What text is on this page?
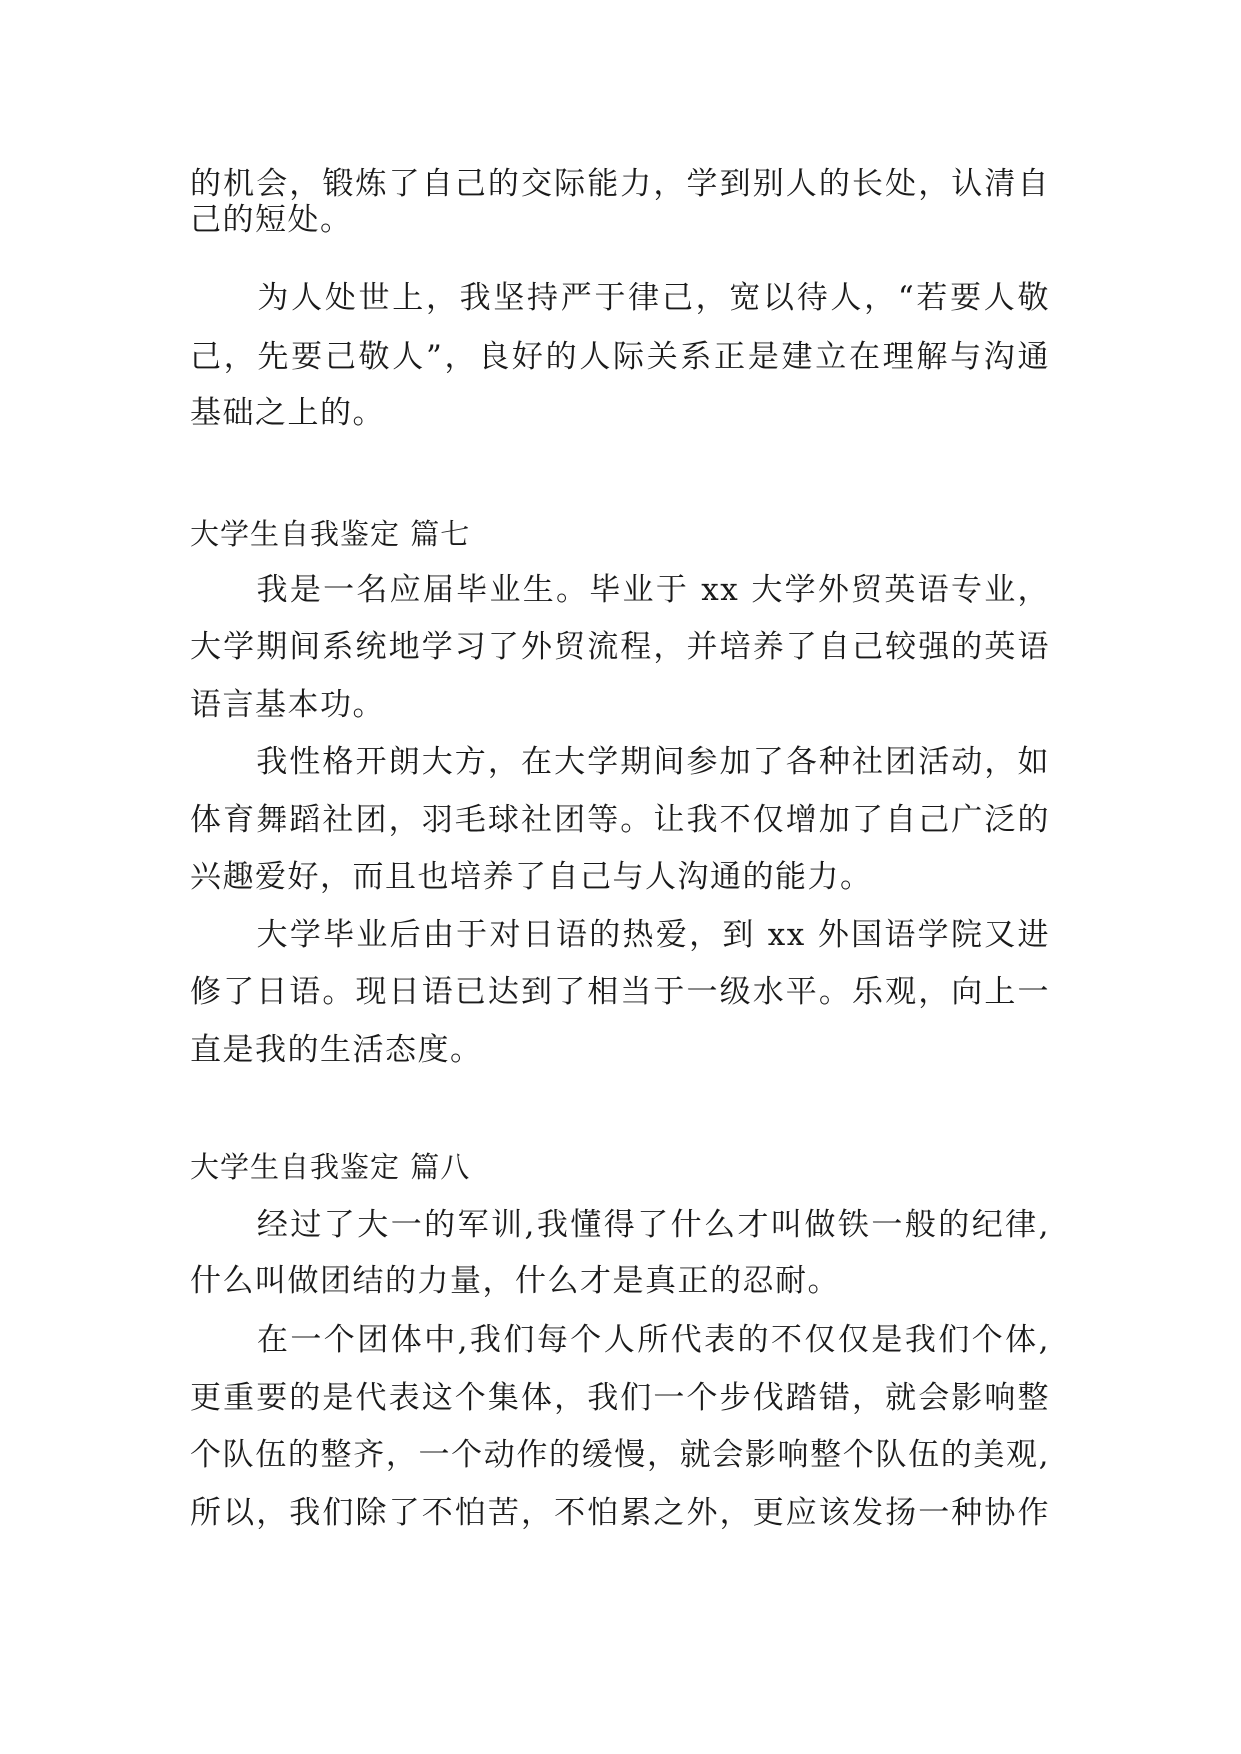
的机会，锻炼了自己的交际能力，学到别人的长处，认清自
己的短处。
　　为人处世上，我坚持严于律己，宽以待人，“若要人敬
己，先要己敬人”，良好的人际关系正是建立在理解与沟通
基础之上的。
大学生自我鉴定 篇七
　　我是一名应届毕业生。毕业于 xx 大学外贸英语专业，
大学期间系统地学习了外贸流程，并培养了自己较强的英语
语言基本功。
　　我性格开朗大方，在大学期间参加了各种社团活动，如
体育舞蹈社团，羽毛球社团等。让我不仅增加了自己广泛的
兴趣爱好，而且也培养了自己与人沟通的能力。
　　大学毕业后由于对日语的热爱，到 xx 外国语学院又进
修了日语。现日语已达到了相当于一级水平。乐观，向上一
直是我的生活态度。
大学生自我鉴定 篇八
　　经过了大一的军训,我懂得了什么才叫做铁一般的纪律,
什么叫做团结的力量，什么才是真正的忍耐。
　　在一个团体中,我们每个人所代表的不仅仅是我们个体,
更重要的是代表这个集体，我们一个步伐踏错，就会影响整
个队伍的整齐，一个动作的缓慢，就会影响整个队伍的美观,
所以，我们除了不怕苦，不怕累之外，更应该发扬一种协作
